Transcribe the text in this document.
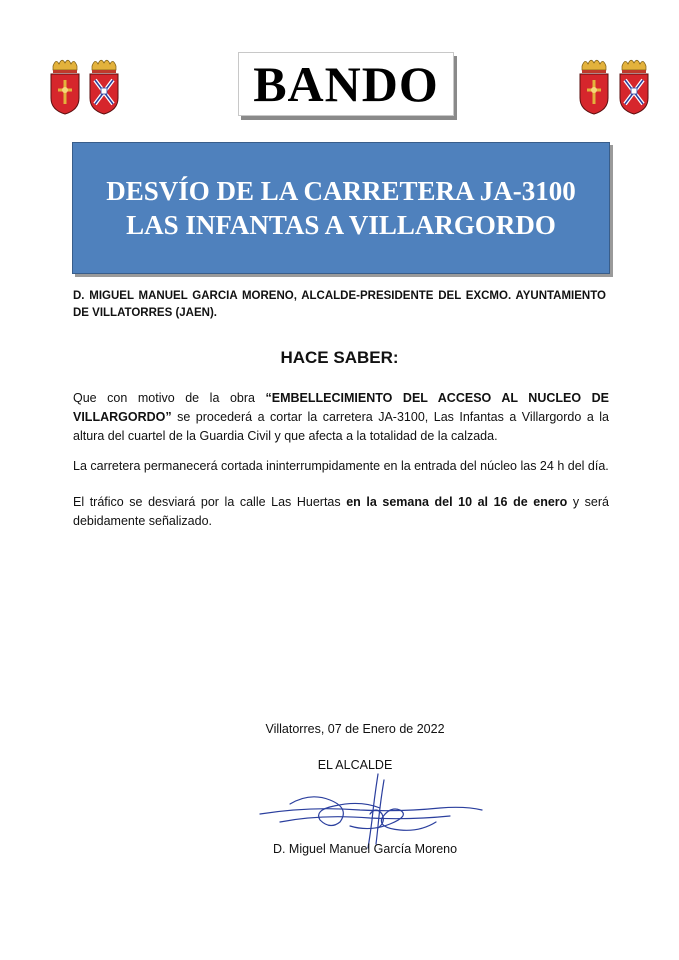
BANDO
DESVÍO DE LA CARRETERA JA-3100
LAS INFANTAS A VILLARGORDO
D. MIGUEL MANUEL GARCIA MORENO, ALCALDE-PRESIDENTE DEL EXCMO. AYUNTAMIENTO DE VILLATORRES (JAEN).
HACE SABER:
Que con motivo de la obra “EMBELLECIMIENTO DEL ACCESO AL NUCLEO DE VILLARGORDO” se procederá a cortar la carretera JA-3100, Las Infantas a Villargordo a la altura del cuartel de la Guardia Civil y que afecta a la totalidad de la calzada.
La carretera permanecerá cortada ininterrumpidamente en la entrada del núcleo las 24 h del día.
El tráfico se desviará por la calle Las Huertas en la semana del 10 al 16 de enero y será debidamente señalizado.
Villatorres, 07 de Enero de 2022
EL ALCALDE
D. Miguel Manuel García Moreno
